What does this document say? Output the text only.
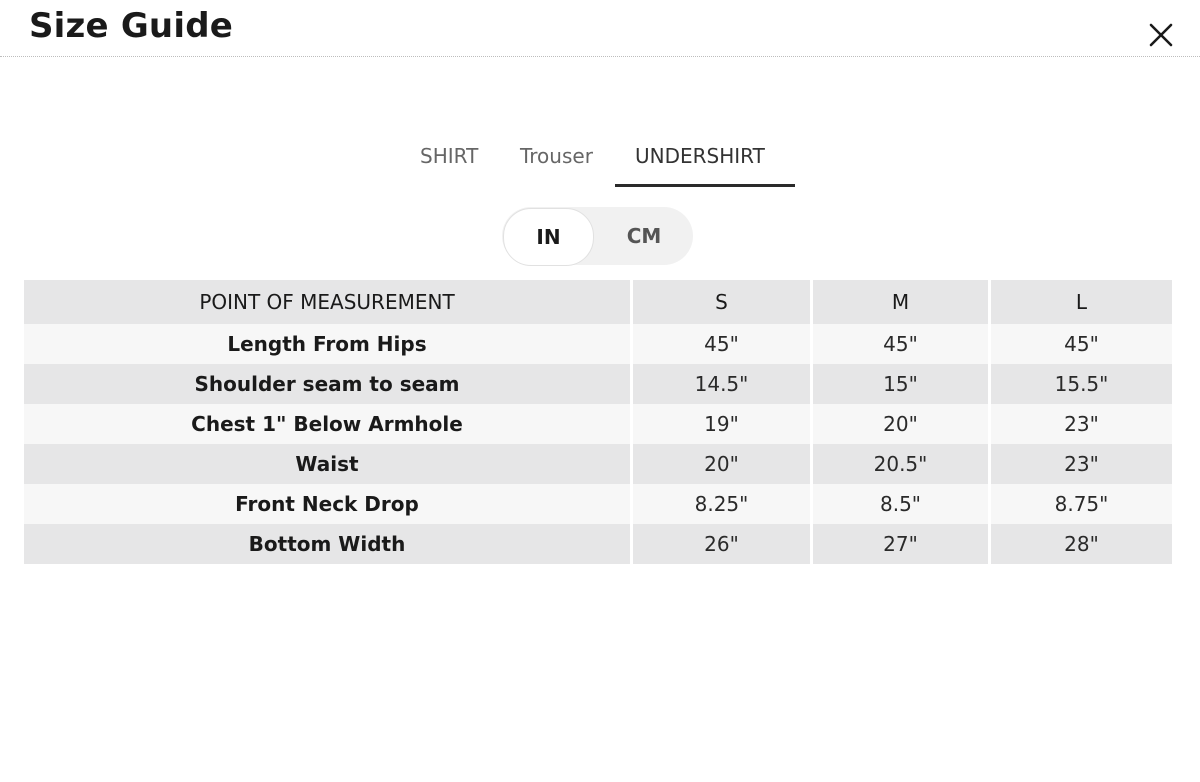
Size Guide
SHIRT Trouser UNDERSHIRT
IN	CM
POINT OF MEASUREMENT	S	M	L
Length From Hips	45"	45"	45"
Shoulder seam to seam	14.5"	15"	15.5"
Chest 1" Below Armhole	19"	20"	23"
Waist	20"	20.5"	23"
Front Neck Drop	8.25"	8.5"	8.75"
Bottom Width	26"	27"	28"
